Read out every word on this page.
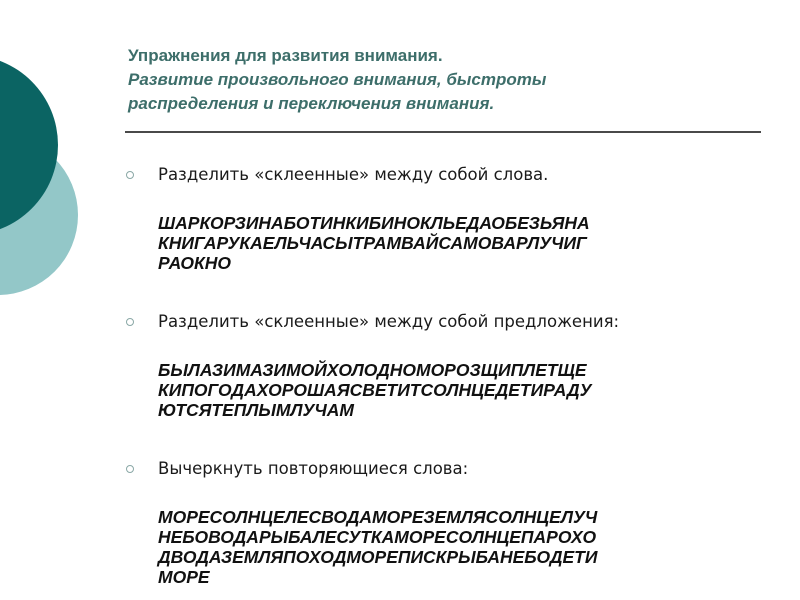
Упражнения для развития внимания.
Развитие произвольного внимания, быстроты
распределения и переключения внимания.
Разделить «склеенные» между собой слова.
ШАРКОРЗИНАБОТИНКИБИНОКЛЬЕДАОБЕЗЬЯНА
КНИГАРУКАЕЛЬЧАСЫТРАМВАЙСАМОВАРЛУЧИГ
РАОКНО
Разделить «склеенные» между собой предложения:
БЫЛАЗИМАЗИМОЙХОЛОДНОМОРОЗЩИПЛЕТЩЕ
КИПОГОДАХОРОШАЯСВЕТИТСОЛНЦЕДЕТИРАДУ
ЮТСЯТЕПЛЫМЛУЧАМ
Вычеркнуть повторяющиеся слова:
МОРЕСОЛНЦЕЛЕСВОДАМОРЕЗЕМЛЯСОЛНЦЕЛУЧ
НЕБОВОДАРЫБАЛЕСУТКАМОРЕСОЛНЦЕПАРОХО
ДВОДАЗЕМЛЯПОХОДМОРЕПИСКРЫБАНЕБОДЕТИ
МОРЕ
